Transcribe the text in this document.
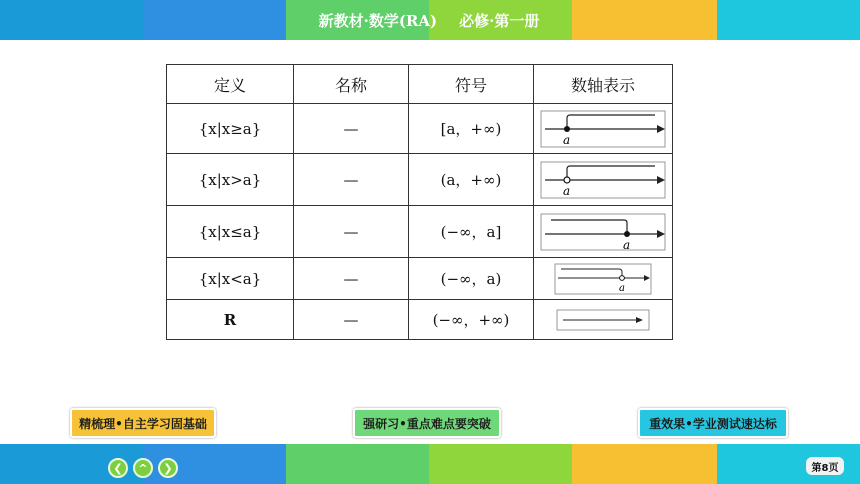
新教材·数学(RA) 必修·第一册
定义	名称	符号	数轴表示
{x|x≥a}	—	[a，+∞)	a

{x|x>a}	—	(a，+∞)	a

{x|x≤a}	—	(−∞，a]	a

{x|x<a}	—	(−∞，a)	a

R	—	(−∞，+∞)	
精梳理•自主学习固基础	强研习•重点难点要突破	重效果•学业测试速达标
❮	^	❯	第8页
